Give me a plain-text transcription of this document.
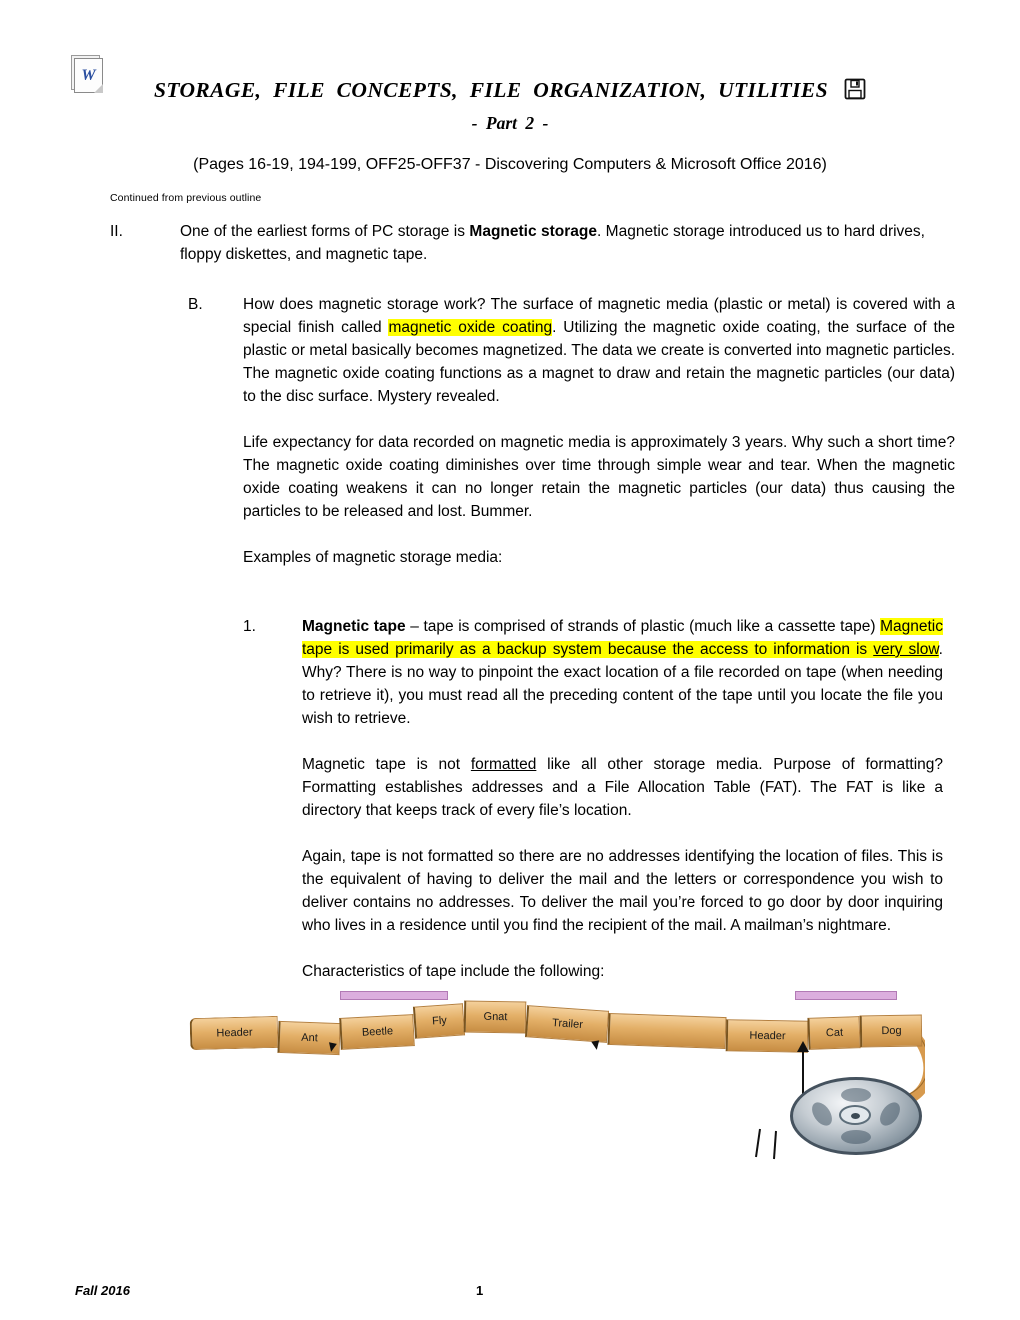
W
STORAGE, FILE CONCEPTS, FILE ORGANIZATION, UTILITIES
- Part 2 -
(Pages 16-19, 194-199, OFF25-OFF37 - Discovering Computers & Microsoft Office 2016)
Continued from previous outline
II.	One of the earliest forms of PC storage is Magnetic storage. Magnetic storage introduced us to hard drives, floppy diskettes, and magnetic tape.

B.	How does magnetic storage work? The surface of magnetic media (plastic or metal) is covered with a special finish called magnetic oxide coating. Utilizing the magnetic oxide coating, the surface of the plastic or metal basically becomes magnetized. The data we create is converted into magnetic particles. The magnetic oxide coating functions as a magnet to draw and retain the magnetic particles (our data) to the disc surface. Mystery revealed.

Life expectancy for data recorded on magnetic media is approximately 3 years. Why such a short time? The magnetic oxide coating diminishes over time through simple wear and tear. When the magnetic oxide coating weakens it can no longer retain the magnetic particles (our data) thus causing the particles to be released and lost. Bummer.

Examples of magnetic storage media:

1.	Magnetic tape – tape is comprised of strands of plastic (much like a cassette tape) Magnetic tape is used primarily as a backup system because the access to information is very slow. Why? There is no way to pinpoint the exact location of a file recorded on tape (when needing to retrieve it), you must read all the preceding content of the tape until you locate the file you wish to retrieve.

Magnetic tape is not formatted like all other storage media. Purpose of formatting? Formatting establishes addresses and a File Allocation Table (FAT). The FAT is like a directory that keeps track of every file’s location.

Again, tape is not formatted so there are no addresses identifying the location of files. This is the equivalent of having to deliver the mail and the letters or correspondence you wish to deliver contains no addresses. To deliver the mail you’re forced to go door by door inquiring who lives in a residence until you find the recipient of the mail. A mailman’s nightmare.

Characteristics of tape include the following:

Header	Ant	Beetle
Fly	Gnat	Trailer
Header	Cat	Dog
Fall 2016	1
